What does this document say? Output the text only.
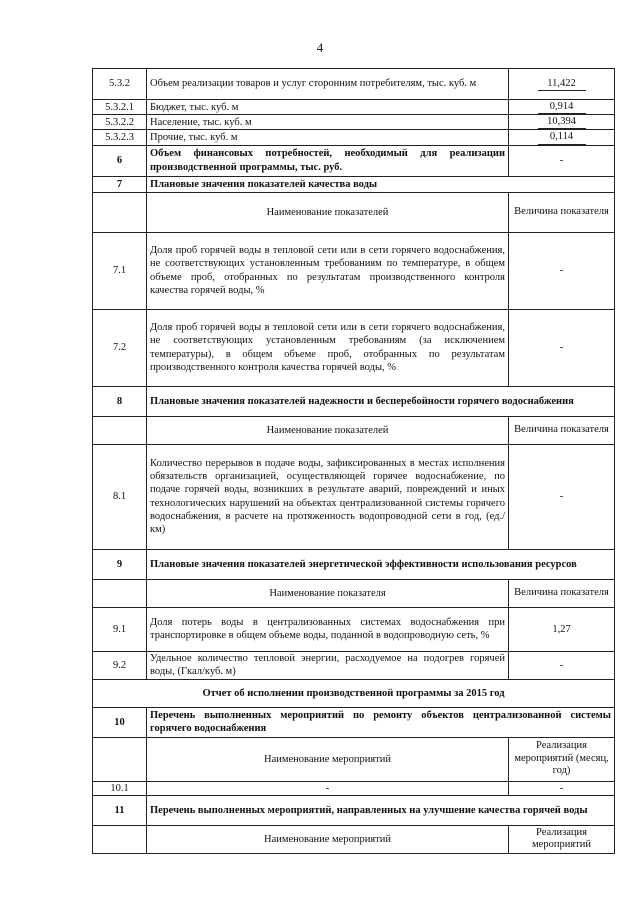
4
5.3.2	Объем реализации товаров и услуг сторонним потребителям, тыс. куб. м	11,422
5.3.2.1	Бюджет, тыс. куб. м	0,914
5.3.2.2	Население, тыс. куб. м	10,394
5.3.2.3	Прочие, тыс. куб. м	0,114
6	Объем финансовых потребностей, необходимый для реализации производственной программы, тыс. руб.	-
7	Плановые значения показателей качества воды	
	Наименование показателей	Величина показателя
7.1	Доля проб горячей воды в тепловой сети или в сети горячего водоснабжения, не соответствующих установленным требованиям по температуре, в общем объеме проб, отобранных по результатам производственного контроля качества горячей воды, %	-
7.2	Доля проб горячей воды в тепловой сети или в сети горячего водоснабжения, не соответствующих установленным требованиям (за исключением температуры), в общем объеме проб, отобранных по результатам производственного контроля качества горячей воды, %	-
8	Плановые значения показателей надежности и бесперебойности горячего водоснабжения	
	Наименование показателей	Величина показателя
8.1	Количество перерывов в подаче воды, зафиксированных в местах исполнения обязательств организацией, осуществляющей горячее водоснабжение, по подаче горячей воды, возникших в результате аварий, повреждений и иных технологических нарушений на объектах централизованной системы горячего водоснабжения, в расчете на протяженность водопроводной сети в год, (ед./км)	-
9	Плановые значения показателей энергетической эффективности использования ресурсов	
	Наименование показателя	Величина показателя
9.1	Доля потерь воды в централизованных системах водоснабжения при транспортировке в общем объеме воды, поданной в водопроводную сеть, %	1,27
9.2	Удельное количество тепловой энергии, расходуемое на подогрев горячей воды, (Гкал/куб. м)	-
Отчет об исполнении производственной программы за 2015 год		
10	Перечень выполненных мероприятий по ремонту объектов централизованной системы горячего водоснабжения	
	Наименование мероприятий	Реализация мероприятий (месяц, год)
10.1	-	-
11	Перечень выполненных мероприятий, направленных на улучшение качества горячей воды	
	Наименование мероприятий	Реализация мероприятий
